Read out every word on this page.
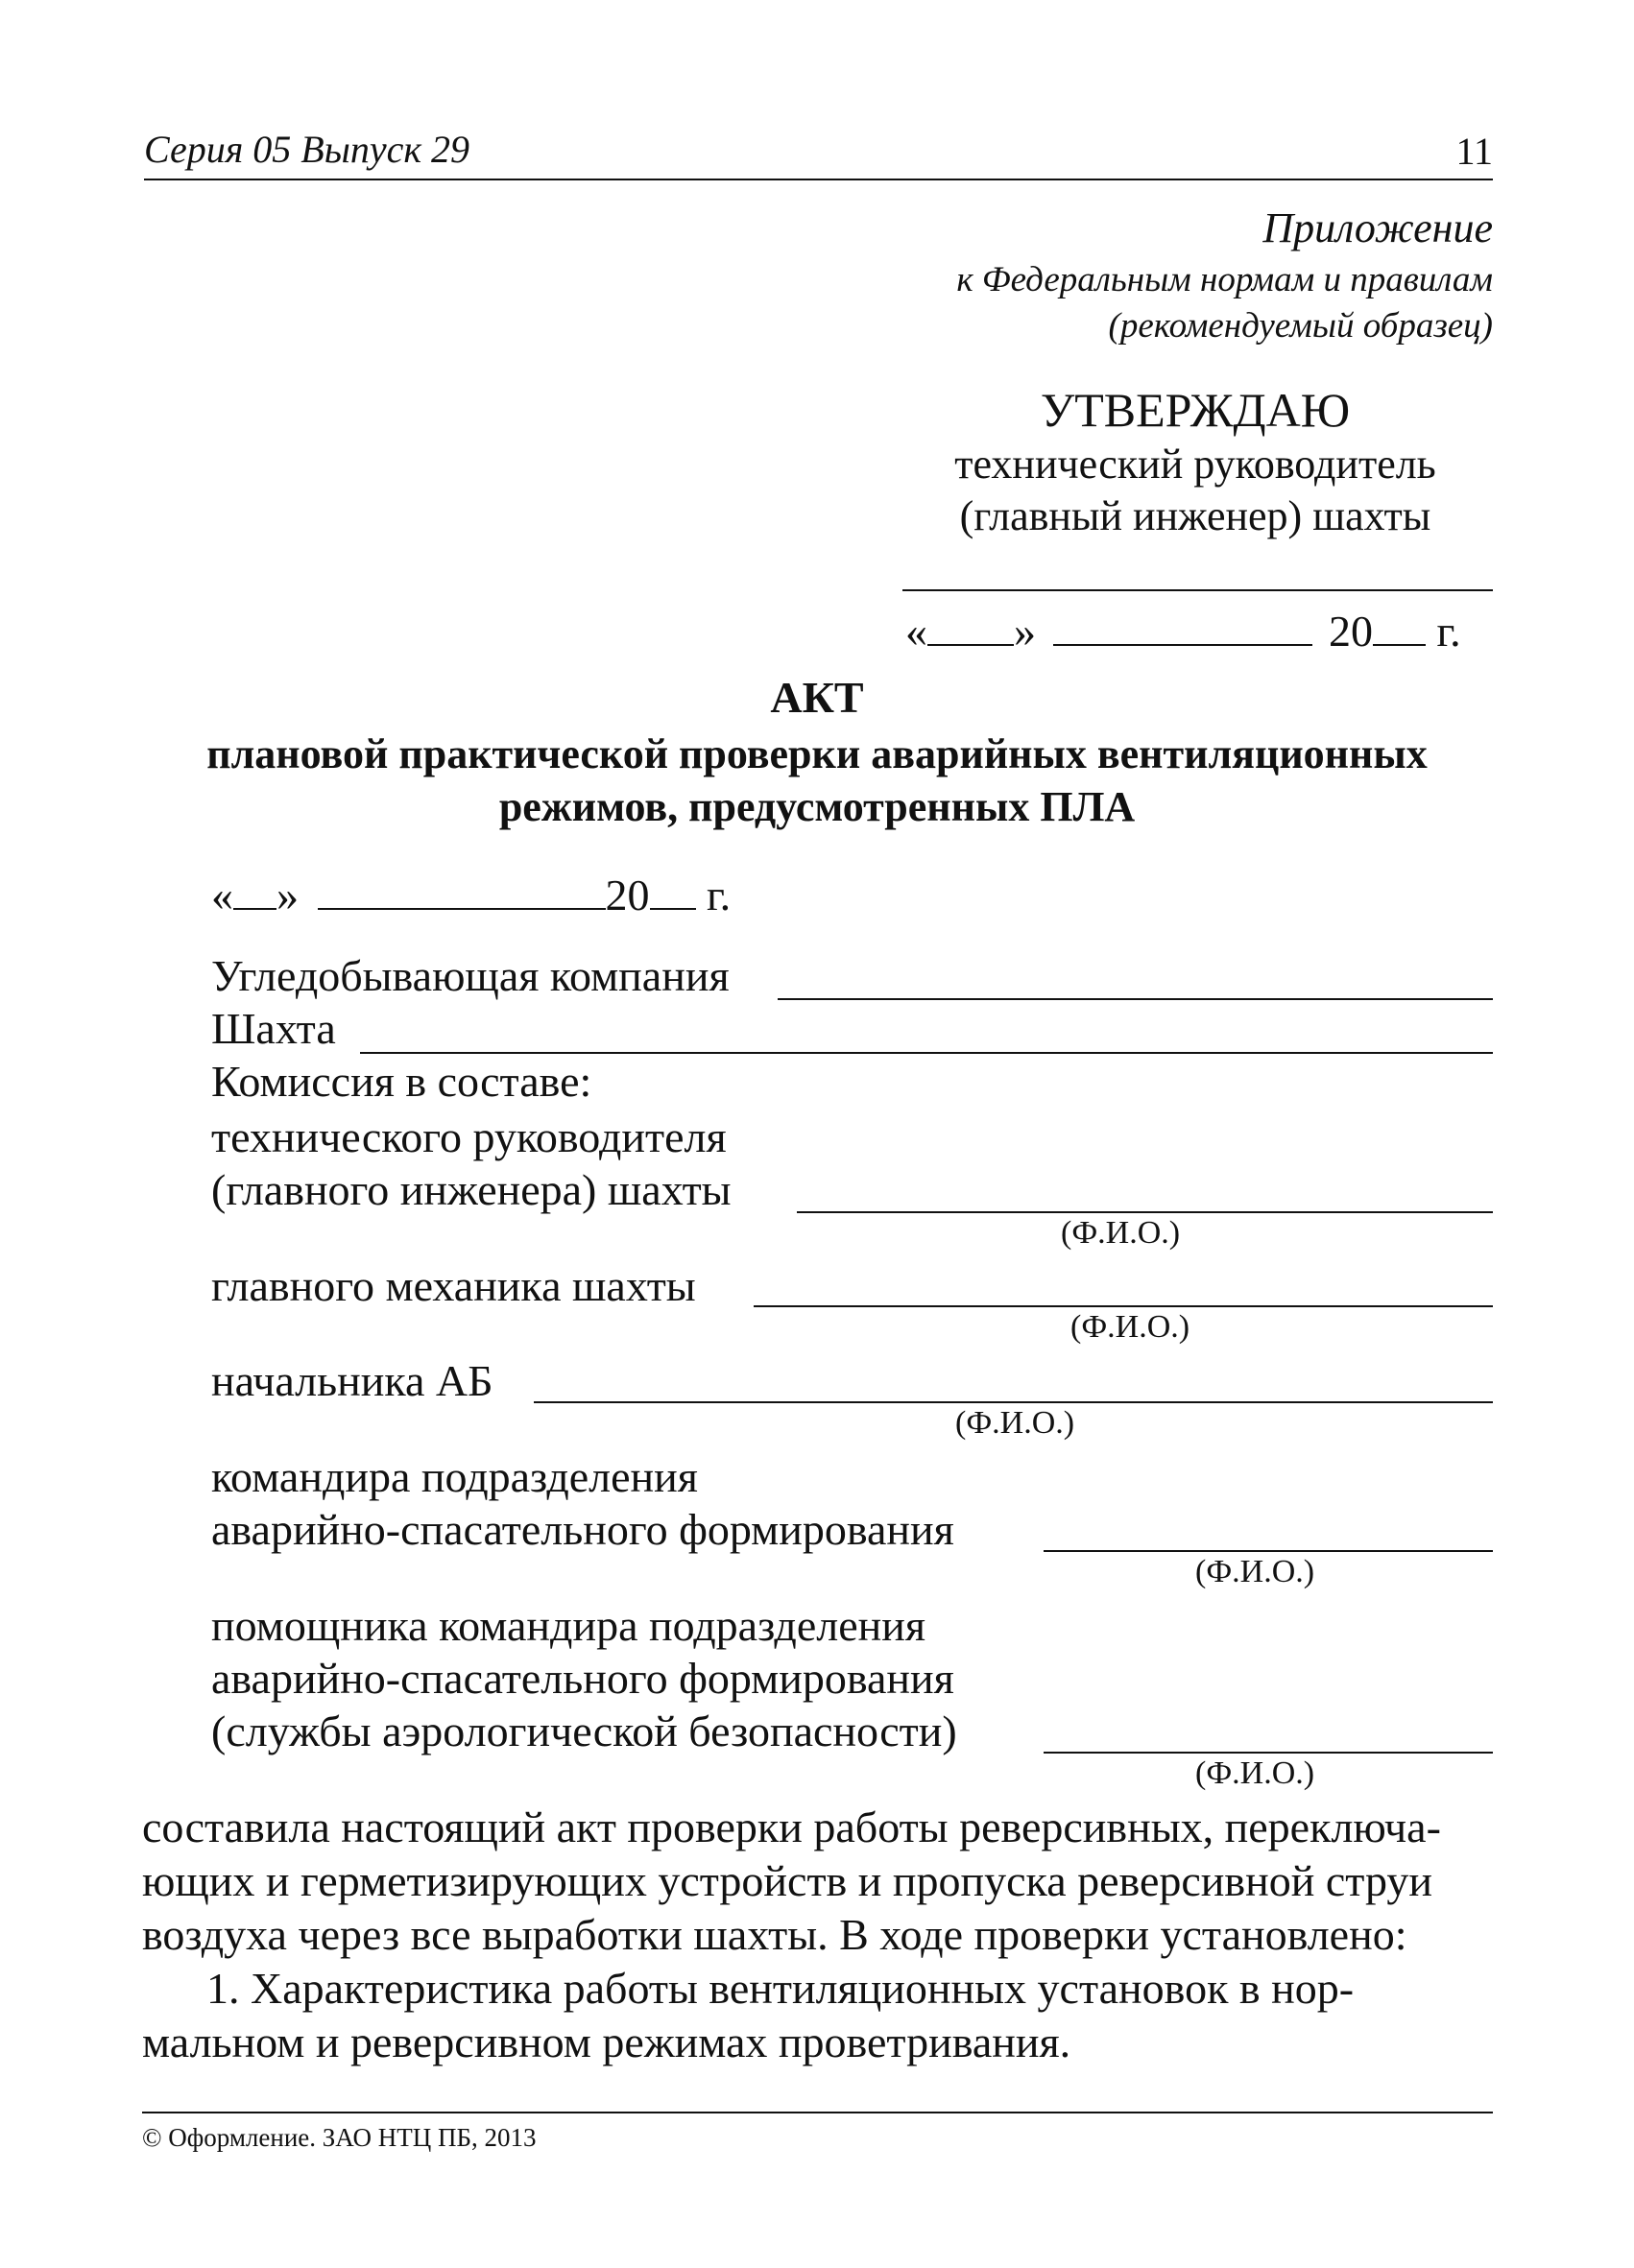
Серия 05 Выпуск 29	11
Приложение
к Федеральным нормам и правилам
(рекомендуемый образец)
УТВЕРЖДАЮ
технический руководитель
(главный инженер) шахты
« »	20 г.
АКТ
плановой практической проверки аварийных вентиляционных
режимов, предусмотренных ПЛА
« »	20 г.
Угледобывающая компания
Шахта
Комиссия в составе:
технического руководителя
(главного инженера) шахты
(Ф.И.О.)
главного механика шахты
(Ф.И.О.)
начальника АБ
(Ф.И.О.)
командира подразделения
аварийно-спасательного формирования
(Ф.И.О.)
помощника командира подразделения
аварийно-спасательного формирования
(службы аэрологической безопасности)
(Ф.И.О.)
составила настоящий акт проверки работы реверсивных, переключа-
ющих и герметизирующих устройств и пропуска реверсивной струи
воздуха через все выработки шахты. В ходе проверки установлено:
1. Характеристика работы вентиляционных установок в нор-
мальном и реверсивном режимах проветривания.
© Оформление. ЗАО НТЦ ПБ, 2013
